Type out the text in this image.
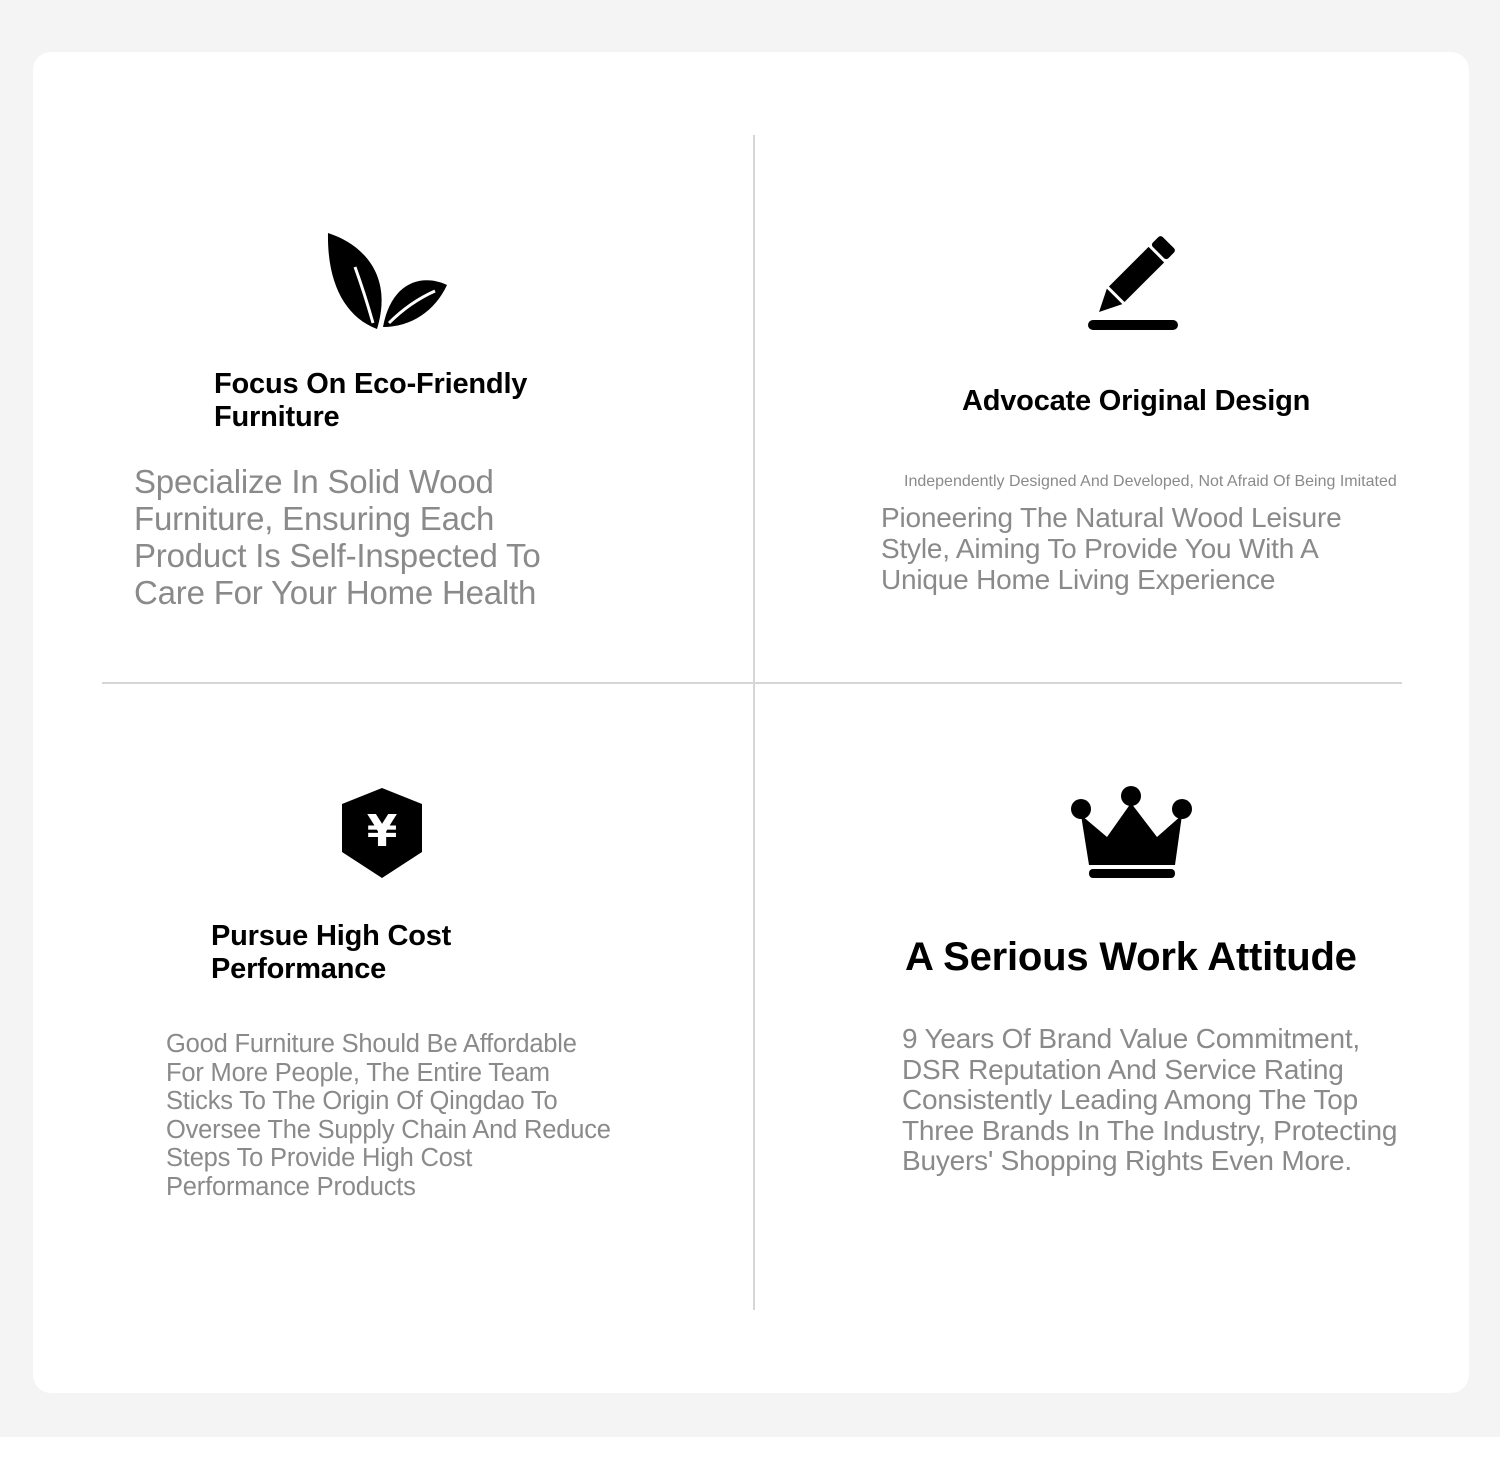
Focus On Eco-Friendly Furniture

Specialize In Solid Wood Furniture, Ensuring Each Product Is Self-Inspected To Care For Your Home Health

Advocate Original Design

Independently Designed And Developed, Not Afraid Of Being Imitated

Pioneering The Natural Wood Leisure Style, Aiming To Provide You With A Unique Home Living Experience

¥
Pursue High Cost Performance

Good Furniture Should Be Affordable For More People, The Entire Team Sticks To The Origin Of Qingdao To Oversee The Supply Chain And Reduce Steps To Provide High Cost Performance Products

A Serious Work Attitude

9 Years Of Brand Value Commitment, DSR Reputation And Service Rating Consistently Leading Among The Top Three Brands In The Industry, Protecting Buyers' Shopping Rights Even More.
